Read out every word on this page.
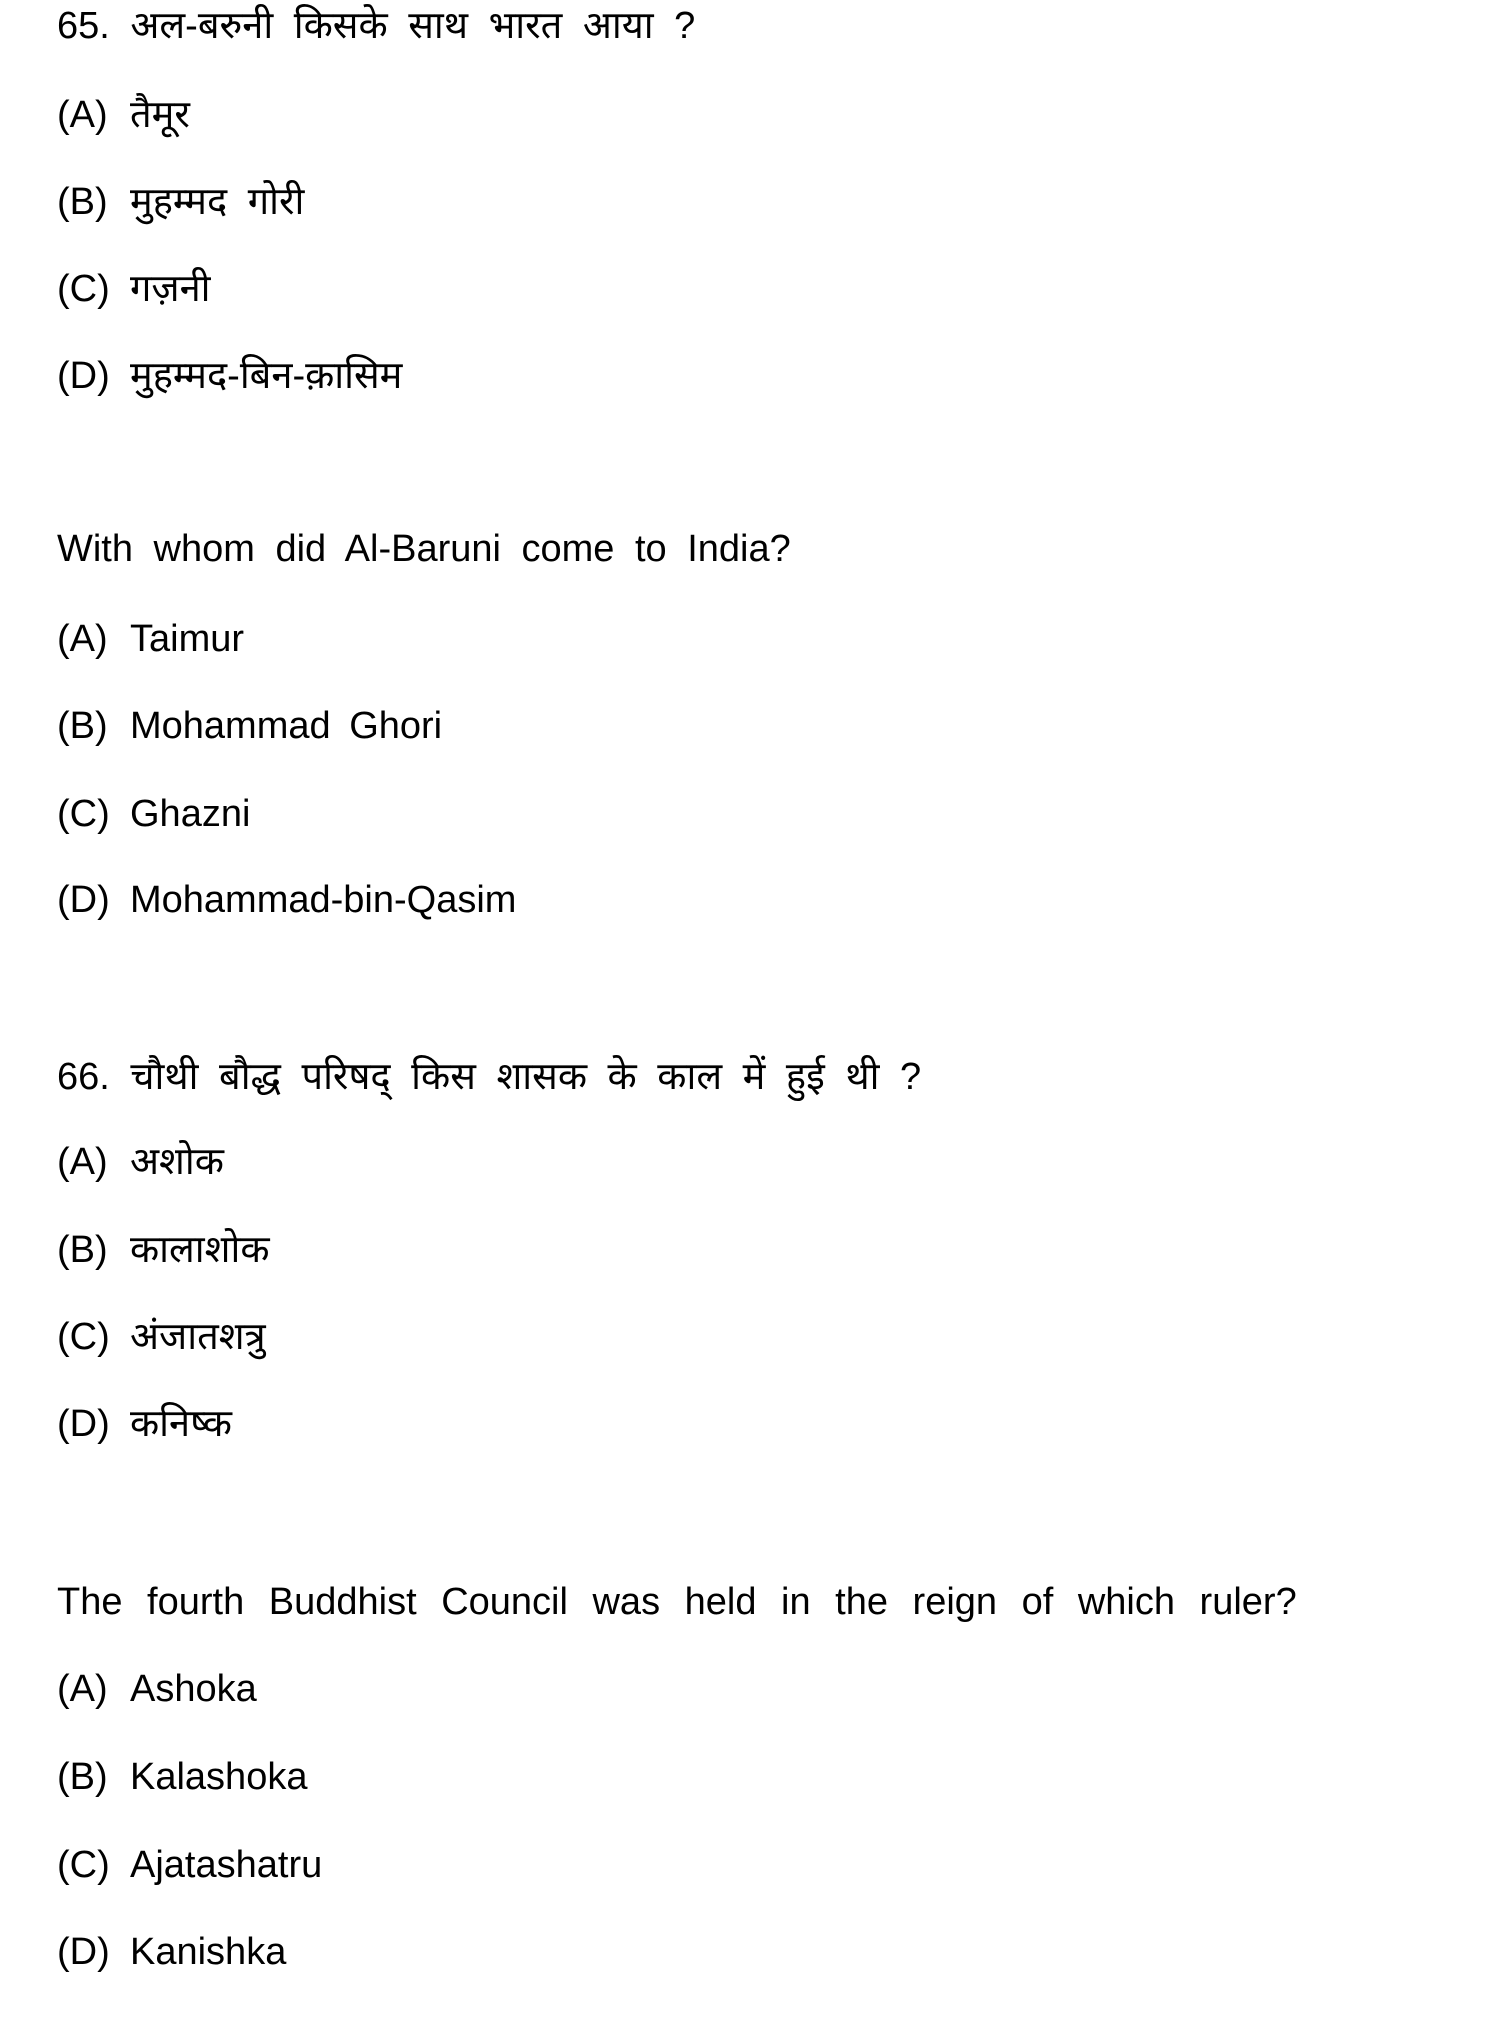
65. अल-बरुनी किसके साथ भारत आया ?
(A) तैमूर
(B) मुहम्मद गोरी
(C) गज़नी
(D) मुहम्मद-बिन-क़ासिम
With whom did Al-Baruni come to India?
(A) Taimur
(B) Mohammad Ghori
(C) Ghazni
(D) Mohammad-bin-Qasim
66. चौथी बौद्ध परिषद् किस शासक के काल में हुई थी ?
(A) अशोक
(B) कालाशोक
(C) अंजातशत्रु
(D) कनिष्क
The fourth Buddhist Council was held in the reign of which ruler?
(A) Ashoka
(B) Kalashoka
(C) Ajatashatru
(D) Kanishka
